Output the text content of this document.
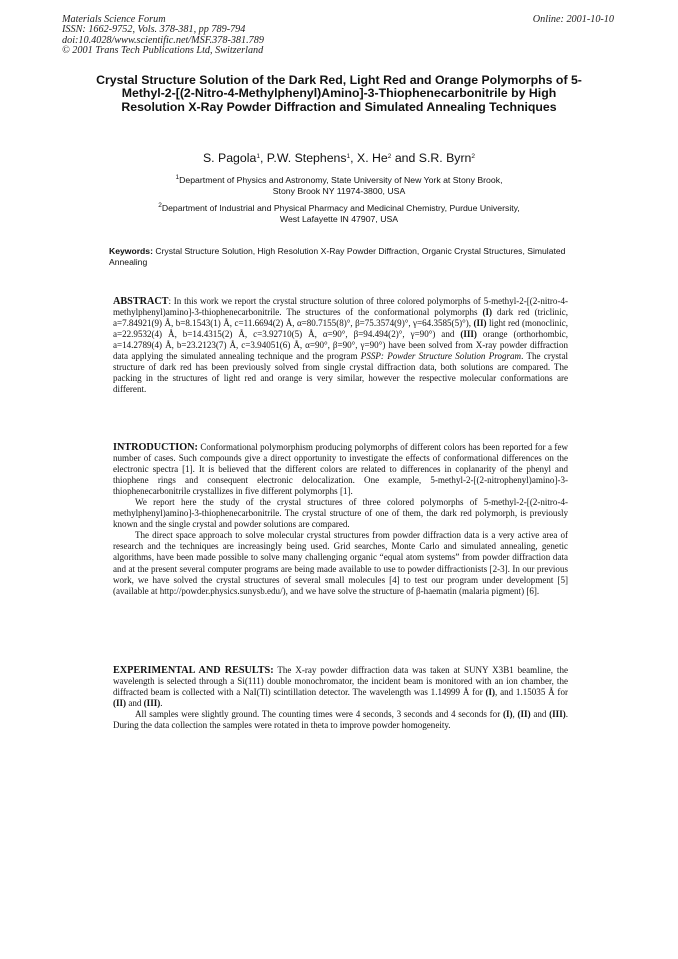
Materials Science Forum
ISSN: 1662-9752, Vols. 378-381, pp 789-794
doi:10.4028/www.scientific.net/MSF.378-381.789
© 2001 Trans Tech Publications Ltd, Switzerland
Online: 2001-10-10
Crystal Structure Solution of the Dark Red, Light Red and Orange Polymorphs of 5-Methyl-2-[(2-Nitro-4-Methylphenyl)Amino]-3-Thiophenecarbonitrile by High Resolution X-Ray Powder Diffraction and Simulated Annealing Techniques
S. Pagola$^1$, P.W. Stephens$^1$, X. He$^2$ and S.R. Byrn$^2$
$^1$Department of Physics and Astronomy, State University of New York at Stony Brook,
Stony Brook NY 11974-3800, USA
$^2$Department of Industrial and Physical Pharmacy and Medicinal Chemistry, Purdue University,
West Lafayette IN 47907, USA
Keywords: Crystal Structure Solution, High Resolution X-Ray Powder Diffraction, Organic Crystal Structures, Simulated Annealing

ABSTRACT: In this work we report the crystal structure solution of three colored polymorphs of 5-methyl-2-[(2-nitro-4-methylphenyl)amino]-3-thiophenecarbonitrile. The structures of the conformational polymorphs (I) dark red (triclinic, a=7.84921(9) Å, b=8.1543(1) Å, c=11.6694(2) Å, α=80.7155(8)°, β=75.3574(9)°, γ=64.3585(5)°), (II) light red (monoclinic, a=22.9532(4) Å, b=14.4315(2) Å, c=3.92710(5) Å, α=90°, β=94.494(2)°, γ=90°) and (III) orange (orthorhombic, a=14.2789(4) Å, b=23.2123(7) Å, c=3.94051(6) Å, α=90°, β=90°, γ=90°) have been solved from X-ray powder diffraction data applying the simulated annealing technique and the program PSSP: Powder Structure Solution Program. The crystal structure of dark red has been previously solved from single crystal diffraction data, both solutions are compared. The packing in the structures of light red and orange is very similar, however the respective molecular conformations are different.

INTRODUCTION: Conformational polymorphism producing polymorphs of different colors has been reported for a few number of cases. Such compounds give a direct opportunity to investigate the effects of conformational differences on the electronic spectra [1]. It is believed that the different colors are related to differences in coplanarity of the phenyl and thiophene rings and consequent electronic delocalization. One example, 5-methyl-2-[(2-nitrophenyl)amino]-3-thiophenecarbonitrile crystallizes in five different polymorphs [1].

We report here the study of the crystal structures of three colored polymorphs of 5-methyl-2-[(2-nitro-4-methylphenyl)amino]-3-thiophenecarbonitrile. The crystal structure of one of them, the dark red polymorph, is previously known and the single crystal and powder solutions are compared.

The direct space approach to solve molecular crystal structures from powder diffraction data is a very active area of research and the techniques are increasingly being used. Grid searches, Monte Carlo and simulated annealing, genetic algorithms, have been made possible to solve many challenging organic “equal atom systems” from powder diffraction data and at the present several computer programs are being made available to use to powder diffractionists [2-3]. In our previous work, we have solved the crystal structures of several small molecules [4] to test our program under development [5] (available at http://powder.physics.sunysb.edu/), and we have solve the structure of β-haematin (malaria pigment) [6].

EXPERIMENTAL AND RESULTS: The X-ray powder diffraction data was taken at SUNY X3B1 beamline, the wavelength is selected through a Si(111) double monochromator, the incident beam is monitored with an ion chamber, the diffracted beam is collected with a NaI(Tl) scintillation detector. The wavelength was 1.14999 Å for (I), and 1.15035 Å for (II) and (III).

All samples were slightly ground. The counting times were 4 seconds, 3 seconds and 4 seconds for (I), (II) and (III). During the data collection the samples were rotated in theta to improve powder homogeneity.
